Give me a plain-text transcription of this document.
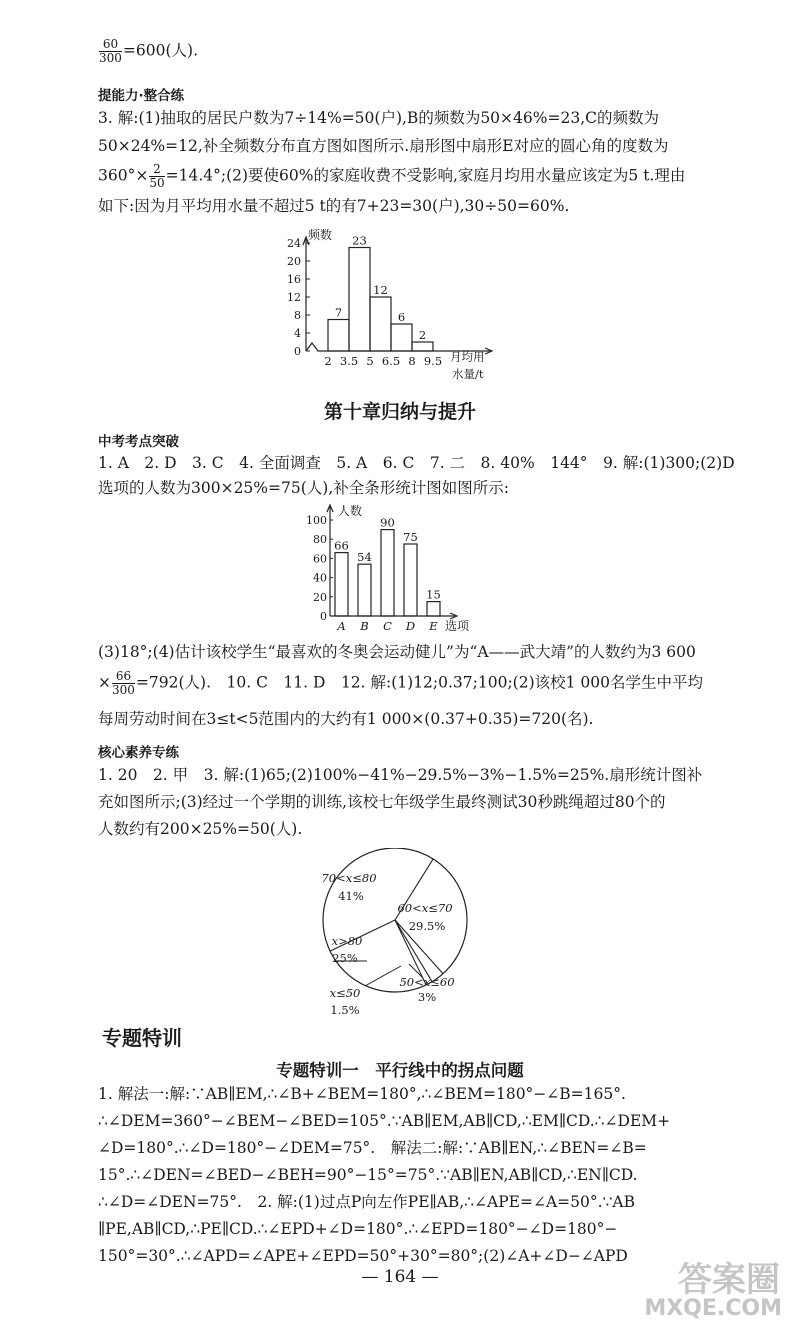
$\frac{60}{300} =600$(人).
提能力·整合练
3. 解:(1)抽取的居民户数为7÷14%=50(户),B的频数为50×46%=23,C的频数为
50×24%=12,补全频数分布直方图如图所示.扇形图中扇形E对应的圆心角的度数为
$360^\circ\times \frac{2}{50}$ =14.4°;(2)要使60%的家庭收费不受影响,家庭月均用水量应该定为5 t.理由
如下:因为月平均用水量不超过5 t的有7+23=30(户),30÷50=60%.
频数
月均用
水量/t
0
4
8
12
16
20
24
7
23
12
6
2
2 3.5 5 6.5 8 9.5
第十章归纳与提升
中考考点突破
1. A　2. D　3. C　4. 全面调查　5. A　6. C　7. 二　8. 40%　144°　9. 解:(1)300;(2)D
选项的人数为300×25%=75(人),补全条形统计图如图所示:
人数
选项
0
20
40
60
80
100
66
A
54
B
90
C
75
D
15
E
(3)18°;(4)估计该校学生“最喜欢的冬奥会运动健儿”为“A——武大靖”的人数约为3 600
× $\frac{66}{300} =792$(人).　10. C　11. D　12. 解:(1)12;0.37;100;(2)该校1 000名学生中平均
每周劳动时间在3≤t<5范围内的大约有1 000×(0.37+0.35)=720(名).
核心素养专练
1. 20　2. 甲　3. 解:(1)65;(2)100%−41%−29.5%−3%−1.5%=25%.扇形统计图补
充如图所示;(3)经过一个学期的训练,该校七年级学生最终测试30秒跳绳超过80个的
人数约有200×25%=50(人).
70<x≤80
41%
60<x≤70
29.5%
50<x≤60
3%
x≤50
1.5%
x>80
25%
专题特训
专题特训一　平行线中的拐点问题
1. 解法一:解:∵AB∥EM,∴∠B+∠BEM=180°,∴∠BEM=180°−∠B=165°.
∴∠DEM=360°−∠BEM−∠BED=105°.∵AB∥EM,AB∥CD,∴EM∥CD.∴∠DEM+
∠D=180°.∴∠D=180°−∠DEM=75°.　解法二:解:∵AB∥EN,∴∠BEN=∠B=
15°.∴∠DEN=∠BED−∠BEH=90°−15°=75°.∵AB∥EN,AB∥CD,∴EN∥CD.
∴∠D=∠DEN=75°.　2. 解:(1)过点P向左作PE∥AB,∴∠APE=∠A=50°.∵AB
∥PE,AB∥CD,∴PE∥CD.∴∠EPD+∠D=180°.∴∠EPD=180°−∠D=180°−
150°=30°.∴∠APD=∠APE+∠EPD=50°+30°=80°;(2)∠A+∠D−∠APD
— 164 —	答案圈
MXQE.COM
